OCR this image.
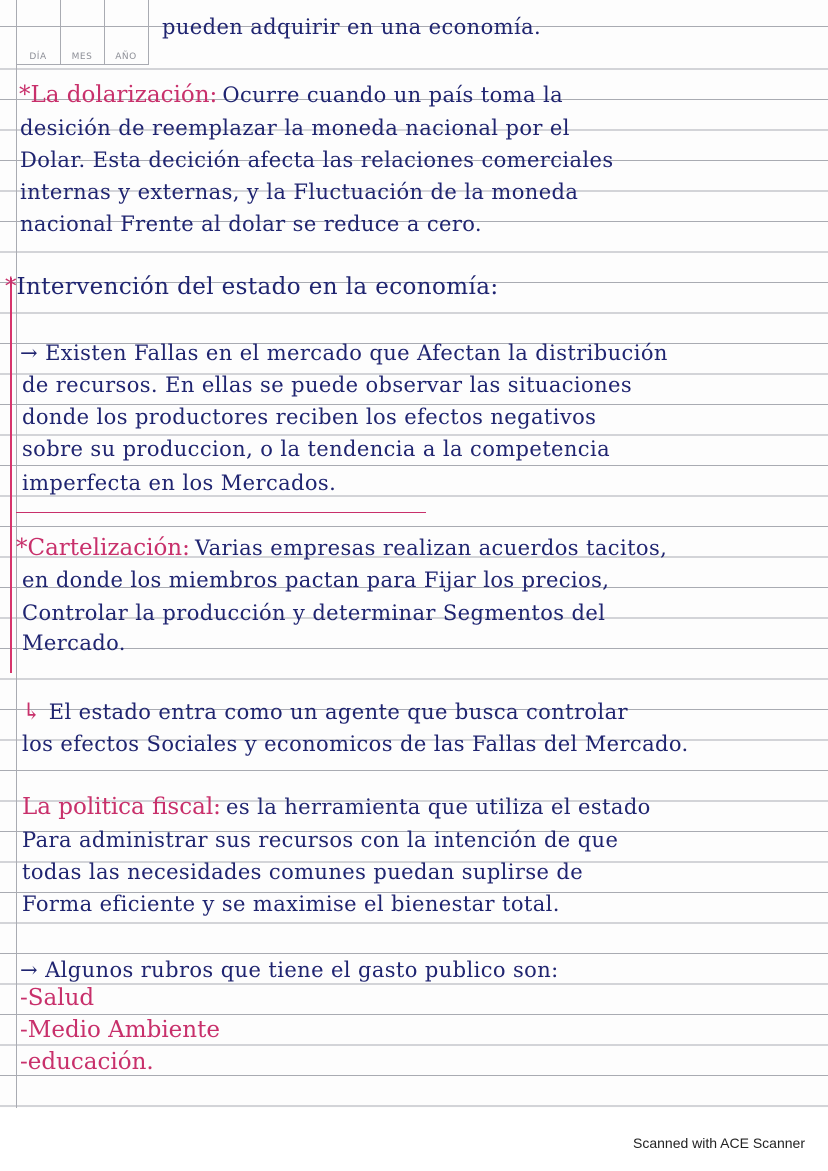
DÍA	MES	AÑO
pueden adquirir en una economía.
*La dolarización: Ocurre cuando un país toma la
desición de reemplazar la moneda nacional por el
Dolar. Esta decición afecta las relaciones comerciales
internas y externas, y la Fluctuación de la moneda
nacional Frente al dolar se reduce a cero.
*Intervención del estado en la economía:
→ Existen Fallas en el mercado que Afectan la distribución
de recursos. En ellas se puede observar las situaciones
donde los productores reciben los efectos negativos
sobre su produccion, o la tendencia a la competencia
imperfecta en los Mercados.
*Cartelización: Varias empresas realizan acuerdos tacitos,
en donde los miembros pactan para Fijar los precios,
Controlar la producción y determinar Segmentos del
Mercado.
↳ El estado entra como un agente que busca controlar
los efectos Sociales y economicos de las Fallas del Mercado.
La politica fiscal: es la herramienta que utiliza el estado
Para administrar sus recursos con la intención de que
todas las necesidades comunes puedan suplirse de
Forma eficiente y se maximise el bienestar total.
→ Algunos rubros que tiene el gasto publico son:
-Salud
-Medio Ambiente
-educación.
Scanned with ACE Scanner
